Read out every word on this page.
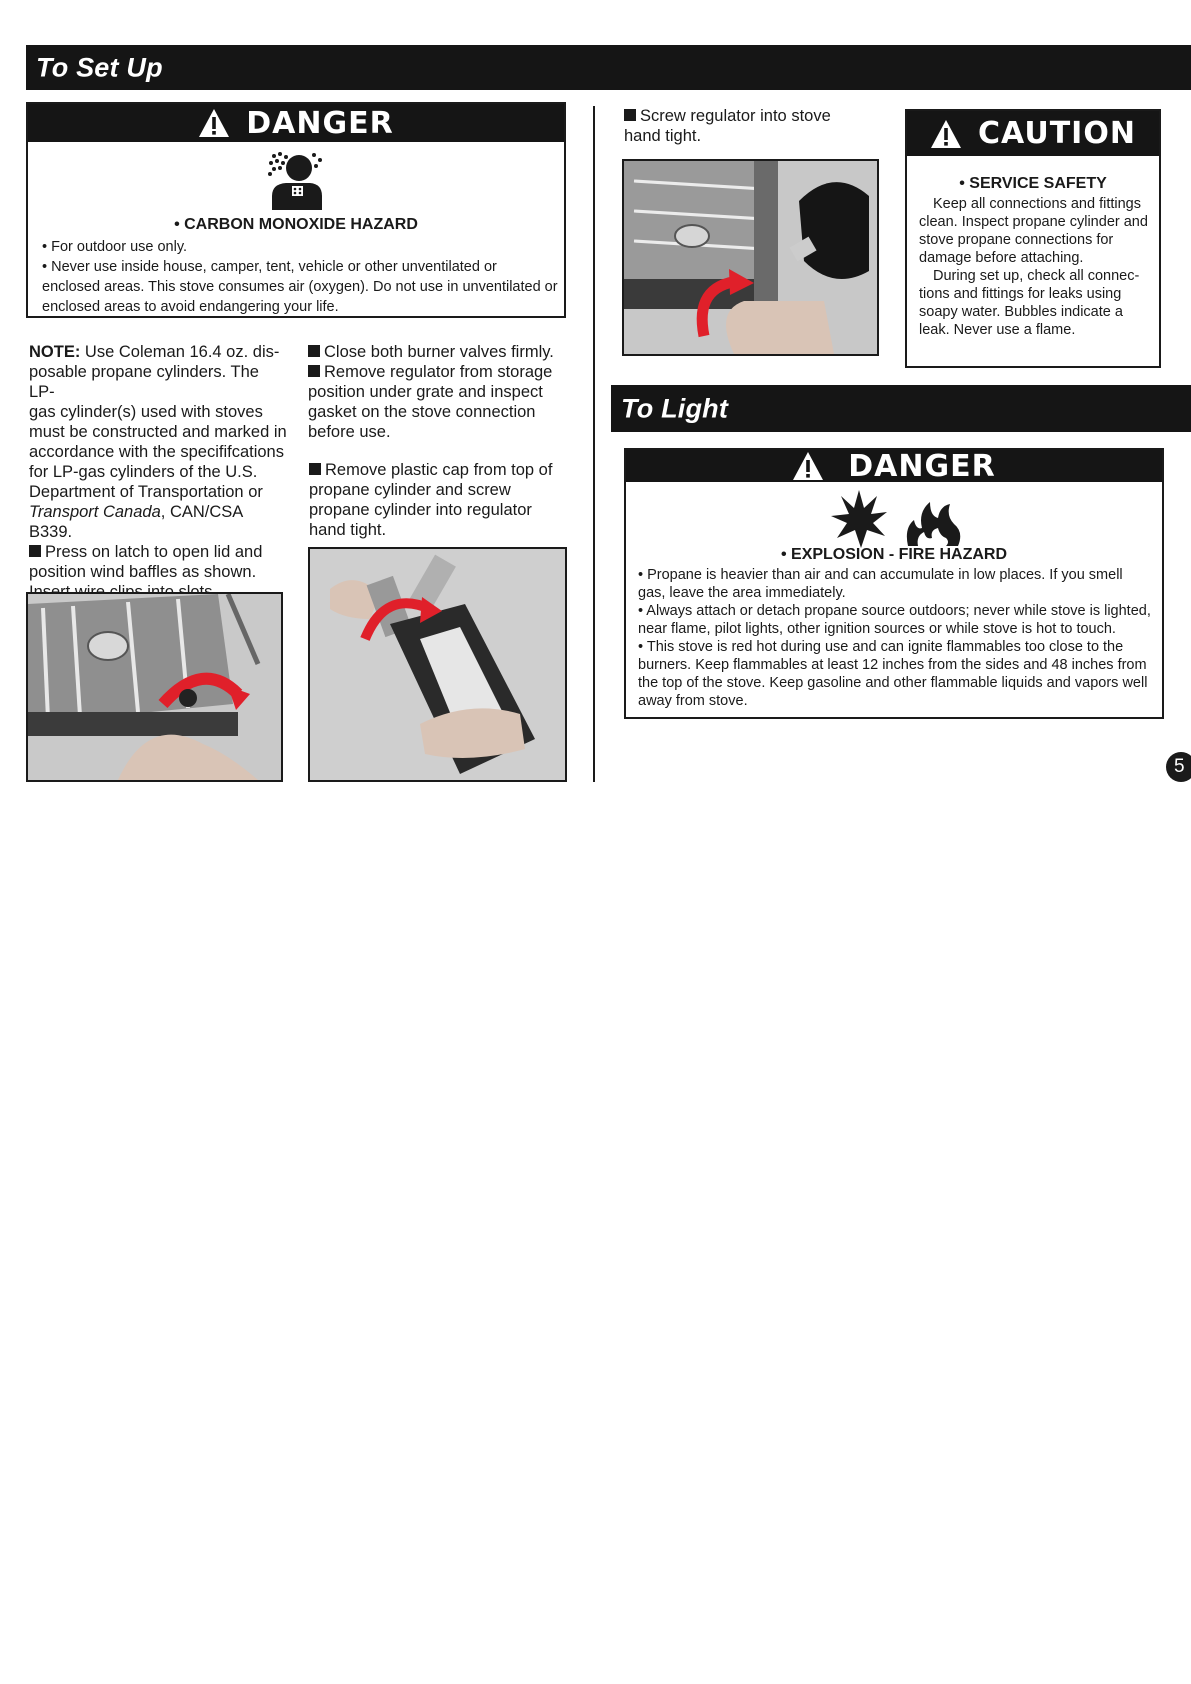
To Set Up
DANGER
• CARBON MONOXIDE HAZARD

• For outdoor use only.

• Never use inside house, camper, tent, vehicle or other unventilated or

enclosed areas. This stove consumes air (oxygen). Do not use in unventilated or

enclosed areas to avoid endangering your life.

NOTE: Use Coleman 16.4 oz. dis-

posable propane cylinders. The LP-

gas cylinder(s) used with stoves

must be constructed and marked in

accordance with the specififcations

for LP-gas cylinders of the U.S.

Department of Transportation or

Transport Canada, CAN/CSA B339.

Press on latch to open lid and

position wind baffles as shown.

Close both burner valves firmly.

Remove regulator from storage

position under grate and inspect

gasket on the stove connection

before use.

Remove plastic cap from top of

propane cylinder and screw

propane cylinder into regulator

hand tight.

Screw regulator into stove

hand tight.	CAUTION
• SERVICE SAFETY

Keep all connections and fittings

clean. Inspect propane cylinder and

stove propane connections for

damage before attaching.

During set up, check all connec-

tions and fittings for leaks using

soapy water. Bubbles indicate a

leak. Never use a flame.

To Light
DANGER
• EXPLOSION - FIRE HAZARD

• Propane is heavier than air and can accumulate in low places. If you smell

gas, leave the area immediately.

• Always attach or detach propane source outdoors; never while stove is lighted,

near flame, pilot lights, other ignition sources or while stove is hot to touch.

• This stove is red hot during use and can ignite flammables too close to the

burners. Keep flammables at least 12 inches from the sides and 48 inches from

the top of the stove. Keep gasoline and other flammable liquids and vapors well

away from stove.

5
